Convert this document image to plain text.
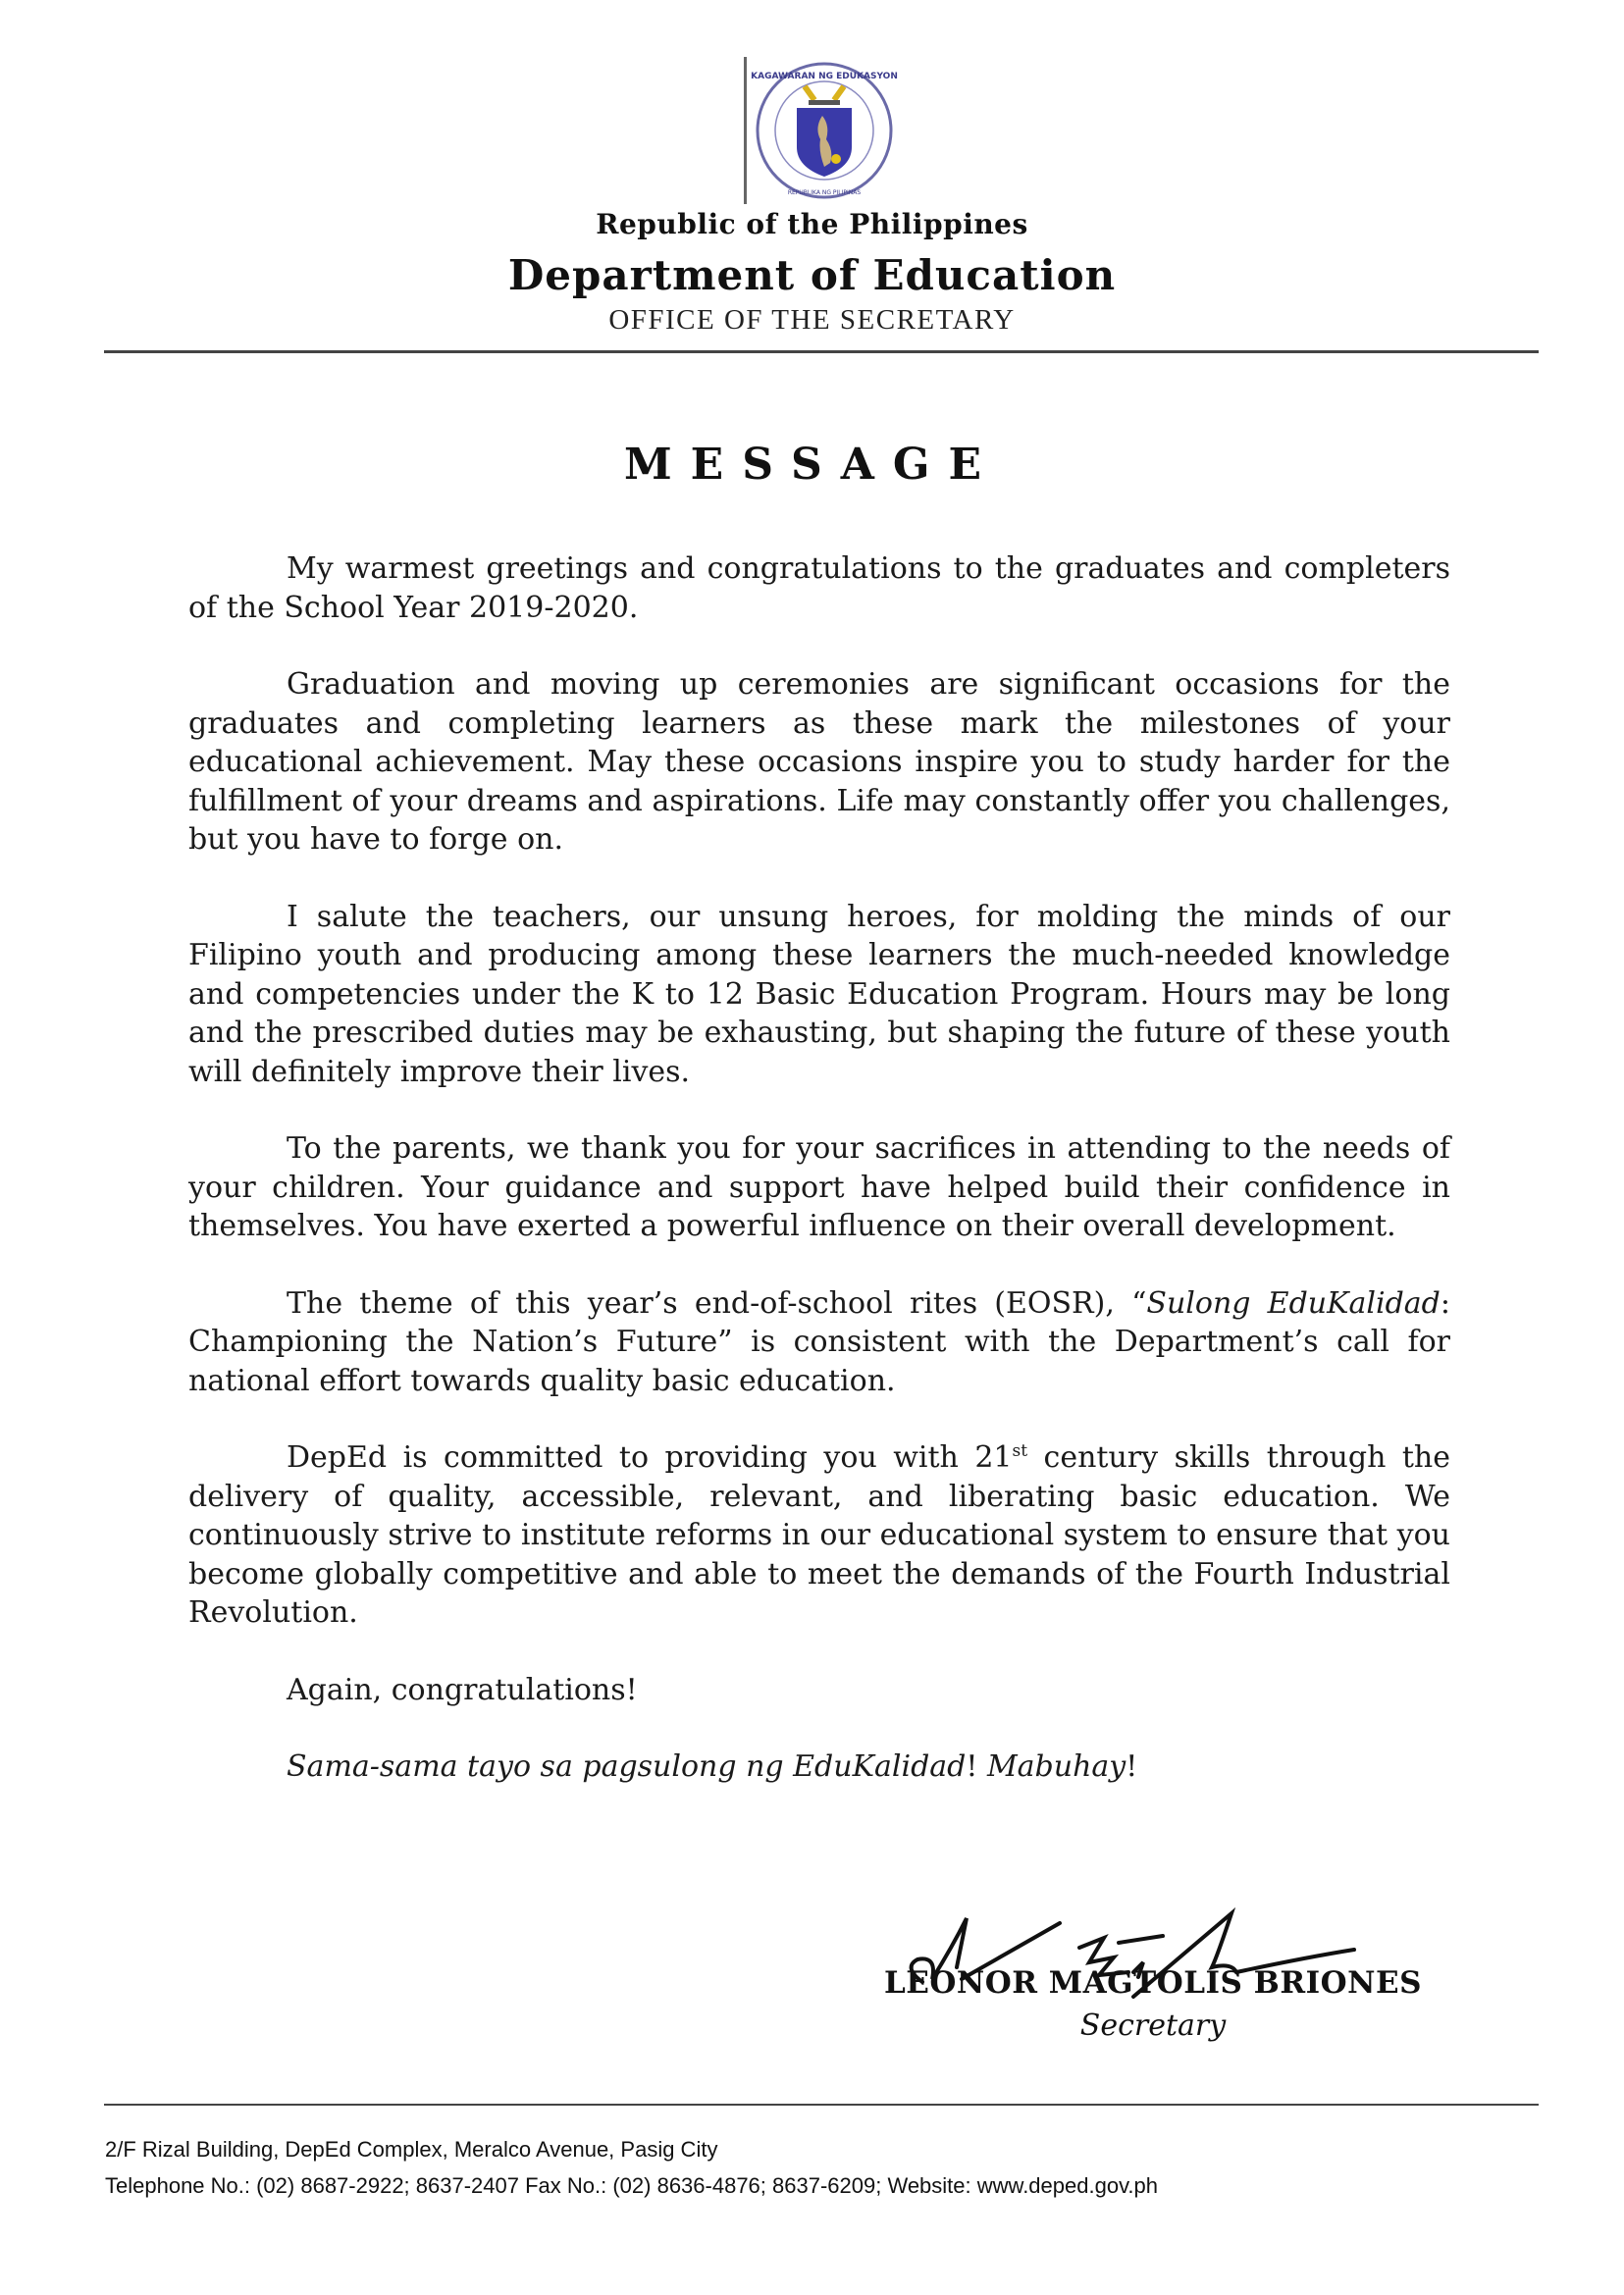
KAGAWARAN NG EDUKASYON
REPUBLIKA NG PILIPINAS
Republic of the Philippines
Department of Education
OFFICE OF THE SECRETARY
MESSAGE

My warmest greetings and congratulations to the graduates and completers of the School Year 2019-2020.

Graduation and moving up ceremonies are significant occasions for the graduates and completing learners as these mark the milestones of your educational achievement. May these occasions inspire you to study harder for the fulfillment of your dreams and aspirations. Life may constantly offer you challenges, but you have to forge on.

I salute the teachers, our unsung heroes, for molding the minds of our Filipino youth and producing among these learners the much-needed knowledge and competencies under the K to 12 Basic Education Program. Hours may be long and the prescribed duties may be exhausting, but shaping the future of these youth will definitely improve their lives.

To the parents, we thank you for your sacrifices in attending to the needs of your children. Your guidance and support have helped build their confidence in themselves. You have exerted a powerful influence on their overall development.

The theme of this year’s end-of-school rites (EOSR), “Sulong EduKalidad: Championing the Nation’s Future” is consistent with the Department’s call for national effort towards quality basic education.

DepEd is committed to providing you with 21st century skills through the delivery of quality, accessible, relevant, and liberating basic education. We continuously strive to institute reforms in our educational system to ensure that you become globally competitive and able to meet the demands of the Fourth Industrial Revolution.

Again, congratulations!

Sama-sama tayo sa pagsulong ng EduKalidad! Mabuhay!

LEONOR MAGTOLIS BRIONES
Secretary
2/F Rizal Building, DepEd Complex, Meralco Avenue, Pasig City
Telephone No.: (02) 8687-2922; 8637-2407 Fax No.: (02) 8636-4876; 8637-6209; Website: www.deped.gov.ph
